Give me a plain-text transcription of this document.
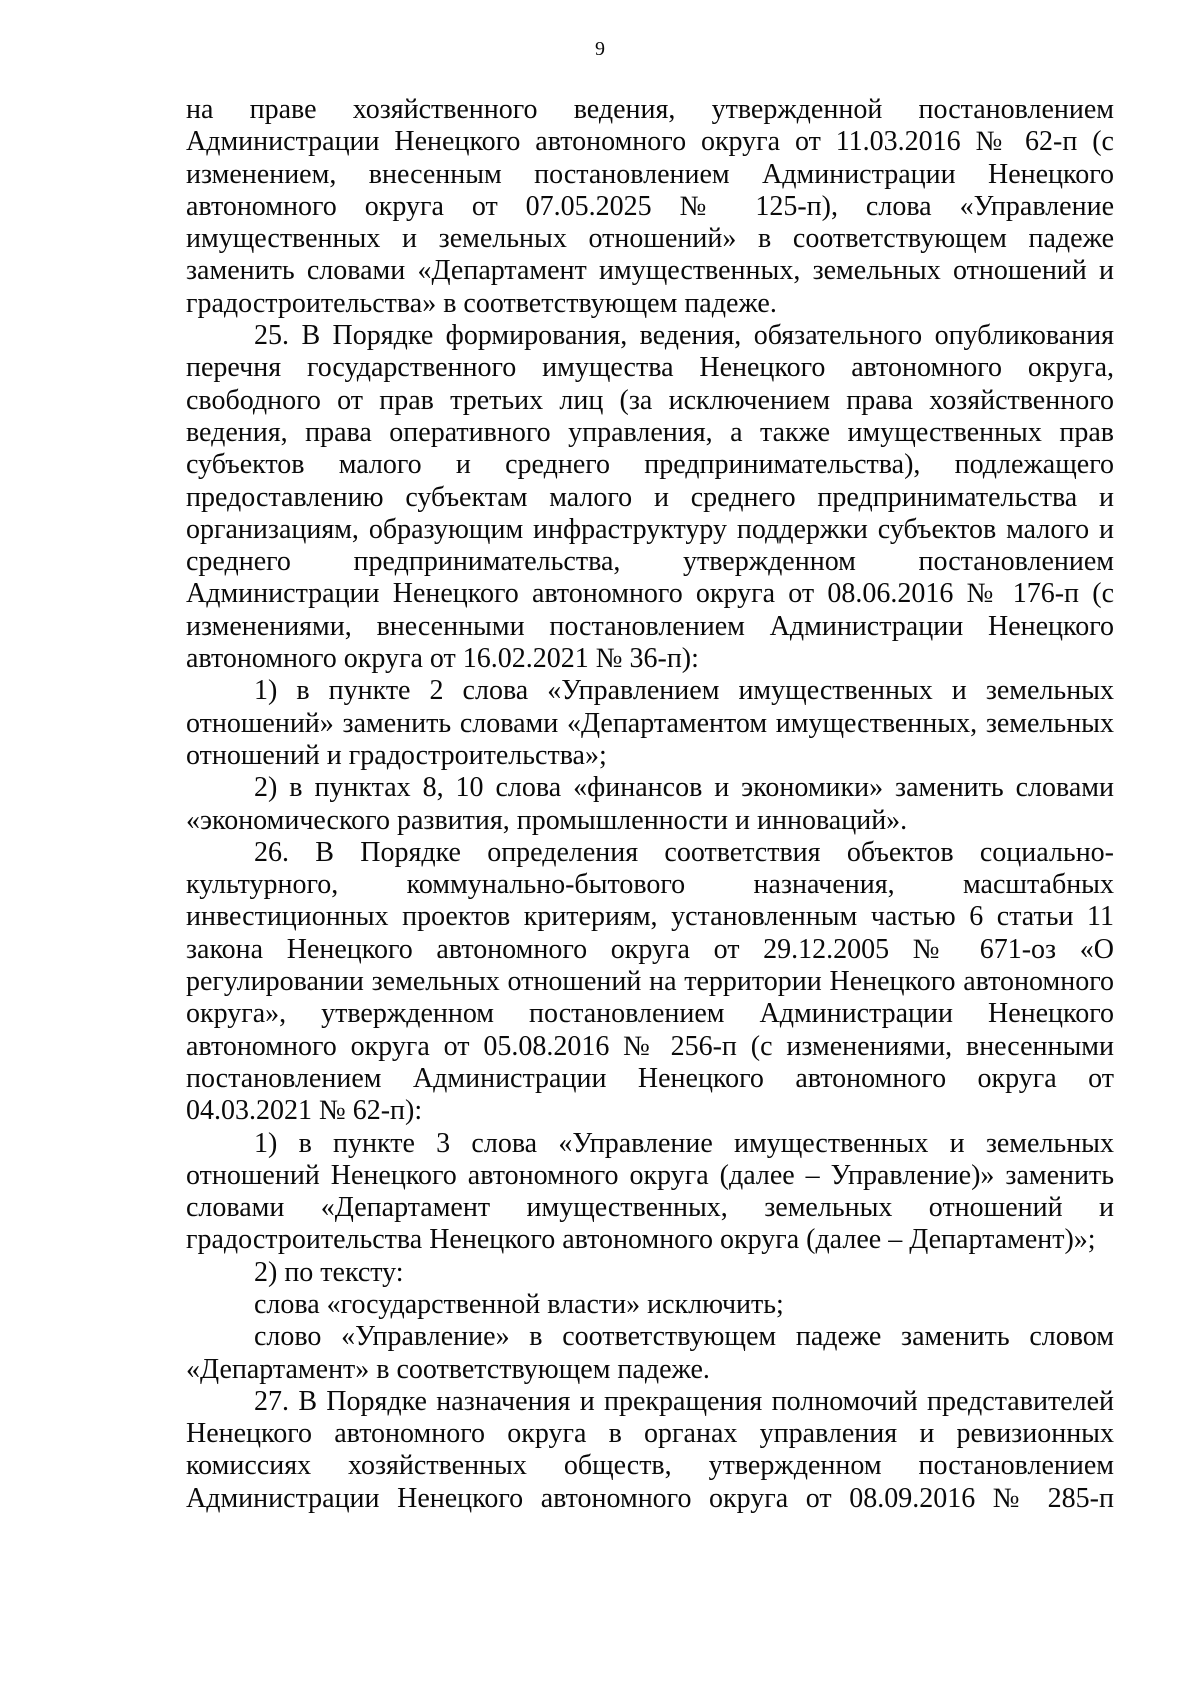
9

на праве хозяйственного ведения, утвержденной постановлением Администрации Ненецкого автономного округа от 11.03.2016 № 62-п (с изменением, внесенным постановлением Администрации Ненецкого автономного округа от 07.05.2025 № 125-п), слова «Управление имущественных и земельных отношений» в соответствующем падеже заменить словами «Департамент имущественных, земельных отношений и градостроительства» в соответствующем падеже.

25. В Порядке формирования, ведения, обязательного опубликования перечня государственного имущества Ненецкого автономного округа, свободного от прав третьих лиц (за исключением права хозяйственного ведения, права оперативного управления, а также имущественных прав субъектов малого и среднего предпринимательства), подлежащего предоставлению субъектам малого и среднего предпринимательства и организациям, образующим инфраструктуру поддержки субъектов малого и среднего предпринимательства, утвержденном постановлением Администрации Ненецкого автономного округа от 08.06.2016 № 176-п (с изменениями, внесенными постановлением Администрации Ненецкого автономного округа от 16.02.2021 № 36-п):

1) в пункте 2 слова «Управлением имущественных и земельных отношений» заменить словами «Департаментом имущественных, земельных отношений и градостроительства»;

2) в пунктах 8, 10 слова «финансов и экономики» заменить словами «экономического развития, промышленности и инноваций».

26. В Порядке определения соответствия объектов социально-культурного, коммунально-бытового назначения, масштабных инвестиционных проектов критериям, установленным частью 6 статьи 11 закона Ненецкого автономного округа от 29.12.2005 № 671-оз «О регулировании земельных отношений на территории Ненецкого автономного округа», утвержденном постановлением Администрации Ненецкого автономного округа от 05.08.2016 № 256-п (с изменениями, внесенными постановлением Администрации Ненецкого автономного округа от 04.03.2021 № 62-п):

1) в пункте 3 слова «Управление имущественных и земельных отношений Ненецкого автономного округа (далее – Управление)» заменить словами «Департамент имущественных, земельных отношений и градостроительства Ненецкого автономного округа (далее – Департамент)»;

2) по тексту:

слова «государственной власти» исключить;

слово «Управление» в соответствующем падеже заменить словом «Департамент» в соответствующем падеже.

27. В Порядке назначения и прекращения полномочий представителей Ненецкого автономного округа в органах управления и ревизионных комиссиях хозяйственных обществ, утвержденном постановлением Администрации Ненецкого автономного округа от 08.09.2016 № 285-п
